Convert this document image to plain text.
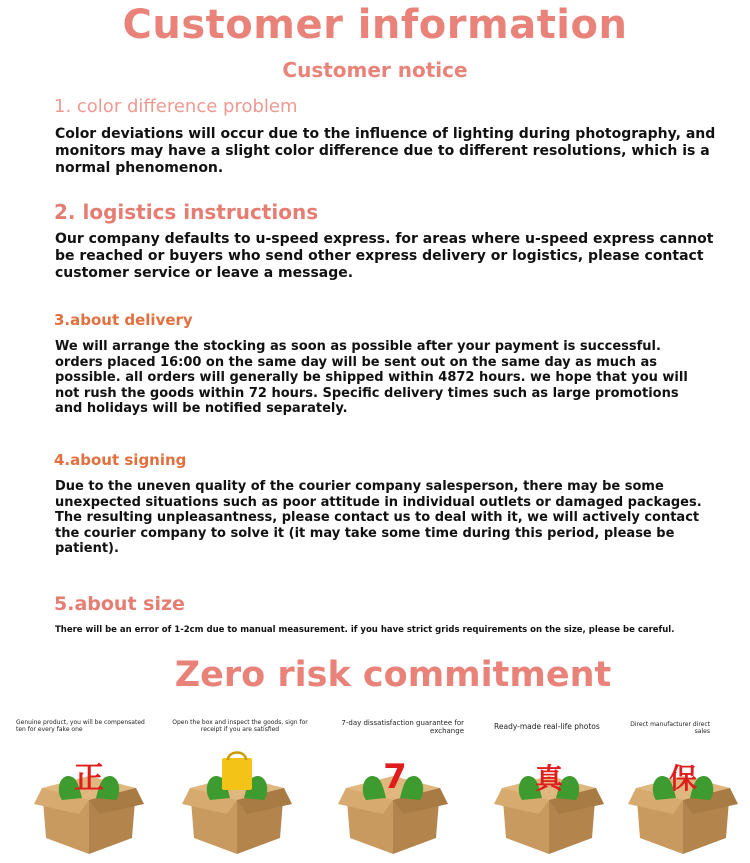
Customer information
Customer notice
1. color difference problem
Color deviations will occur due to the influence of lighting during photography, and monitors may have a slight color difference due to different resolutions, which is a normal phenomenon.
2. logistics instructions
Our company defaults to u-speed express. for areas where u-speed express cannot be reached or buyers who send other express delivery or logistics, please contact customer service or leave a message.
3.about delivery
We will arrange the stocking as soon as possible after your payment is successful. orders placed 16:00 on the same day will be sent out on the same day as much as possible. all orders will generally be shipped within 4872 hours. we hope that you will not rush the goods within 72 hours. Specific delivery times such as large promotions and holidays will be notified separately.
4.about signing
Due to the uneven quality of the courier company salesperson, there may be some unexpected situations such as poor attitude in individual outlets or damaged packages. The resulting unpleasantness, please contact us to deal with it, we will actively contact the courier company to solve it (it may take some time during this period, please be patient).
5.about size
There will be an error of 1-2cm due to manual measurement. if you have strict grids requirements on the size, please be careful.
Zero risk commitment
Genuine product, you will be compensated ten for every fake one
Open the box and inspect the goods, sign for receipt if you are satisfied
7-day dissatisfaction guarantee for exchange	Ready-made real-life photos	Direct manufacturer direct sales
正	7	真	保
